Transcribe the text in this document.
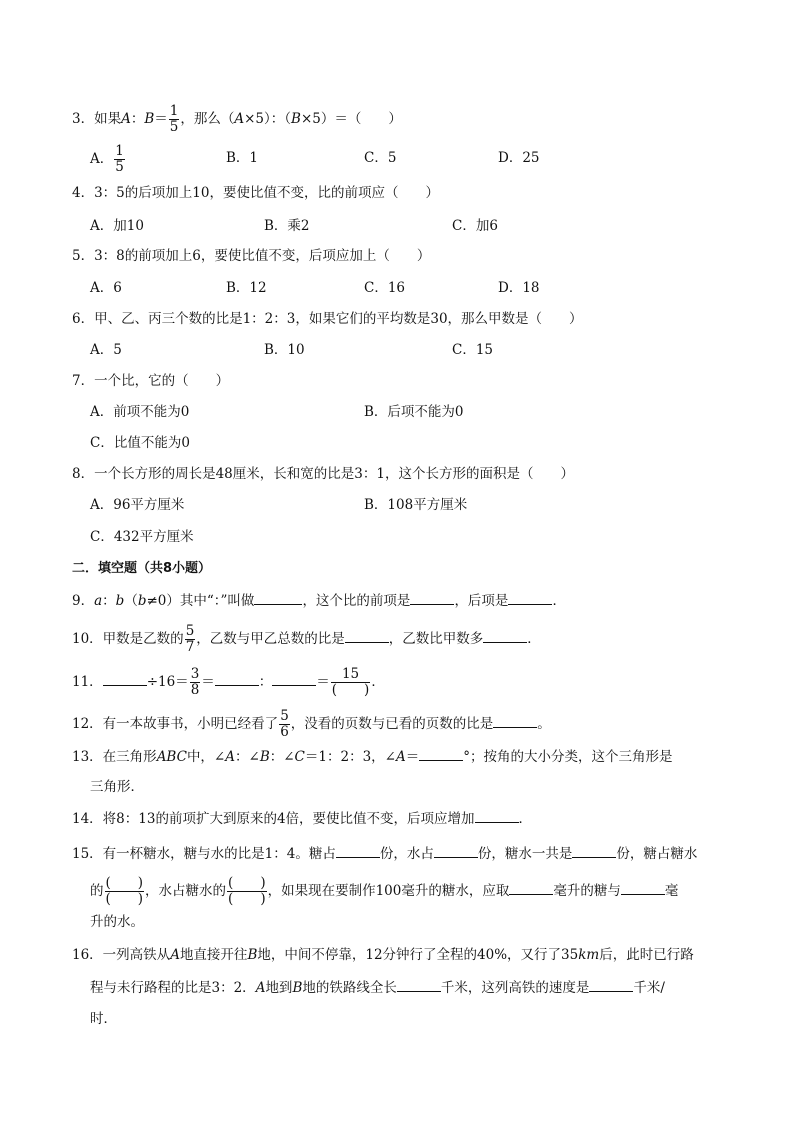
3．如果A：$B= \frac{1}{5}$ ，那么（A×5）：（B×5）＝（　　）
A． $\frac{1}{5}$	B．1	C．5	D．25
4．3：5的后项加上10，要使比值不变，比的前项应（　　）
A．加10	B．乘2	C．加6
5．3：8的前项加上6，要使比值不变，后项应加上（　　）
A．6	B．12	C．16	D．18
6．甲、乙、丙三个数的比是1：2：3，如果它们的平均数是30，那么甲数是（　　）
A．5	B．10	C．15
7．一个比，它的（　　）
A．前项不能为0	B．后项不能为0
C．比值不能为0
8．一个长方形的周长是48厘米，长和宽的比是3：1，这个长方形的面积是（　　）
A．96平方厘米	B．108平方厘米
C．432平方厘米
二．填空题（共8小题）
9．a：b（b≠0）其中“：”叫做	，这个比的前项是	，后项是	．
10．甲数是乙数的 $\frac{5}{7}$ ，乙数与甲乙总数的比是	，乙数比甲数多	．
11．	$\div 16= \frac{3}{8}$ ＝	：	＝ $\frac{15}{( )}$ ．
12．有一本故事书，小明已经看了 $\frac{5}{6}$ ，没看的页数与已看的页数的比是	。
13．在三角形ABC中，∠A：∠B：∠C＝1：2：3，∠A＝	°；按角的大小分类，这个三角形是
三角形．
14．将8：13的前项扩大到原来的4倍，要使比值不变，后项应增加	．
15．有一杯糖水，糖与水的比是1：4。糖占	份，水占	份，糖水一共是	份，糖占糖水
的 $\frac{( )}{( )}$ ，水占糖水的 $\frac{( )}{( )}$ ，如果现在要制作100毫升的糖水，应取	毫升的糖与	毫
升的水。
16．一列高铁从A地直接开往B地，中间不停靠，12分钟行了全程的40%，又行了35km后，此时已行路
程与未行路程的比是3：2．A地到B地的铁路线全长	千米，这列高铁的速度是	千米/
时．
